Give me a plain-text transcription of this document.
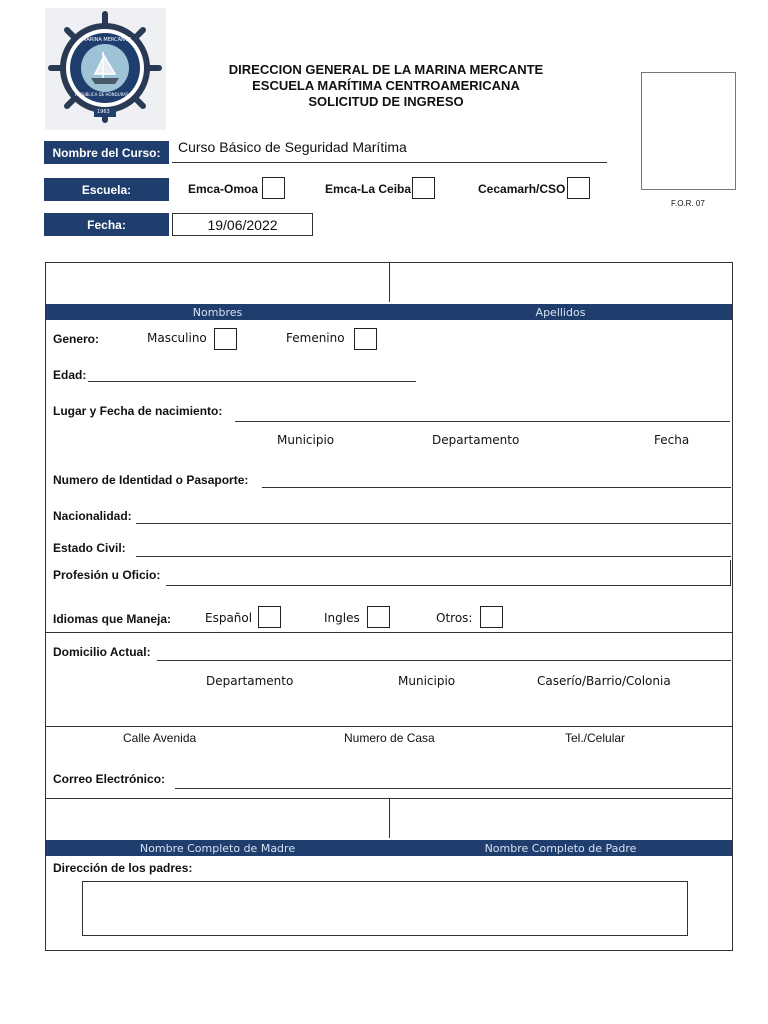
MARINA MERCANTE
REPUBLICA DE HONDURAS
1963
DIRECCION GENERAL DE LA MARINA MERCANTE
ESCUELA MARÍTIMA CENTROAMERICANA
SOLICITUD DE INGRESO
F.O.R. 07
Nombre del Curso:	Curso Básico de Seguridad Marítima
Escuela:	Emca-Omoa	Emca-La Ceiba	Cecamarh/CSO
Fecha:	19/06/2022
Nombres	Apellidos
Genero:	Masculino	Femenino
Edad:
Lugar y Fecha de nacimiento:
Municipio	Departamento	Fecha
Numero de Identidad o Pasaporte:
Nacionalidad:
Estado Civil:
Profesión u Oficio:
Idiomas que Maneja:	Español	Ingles	Otros:
Domicilio Actual:
Departamento	Municipio	Caserío/Barrio/Colonia
Calle Avenida	Numero de Casa	Tel./Celular
Correo Electrónico:
Nombre Completo de Madre	Nombre Completo de Padre
Dirección de los padres:
